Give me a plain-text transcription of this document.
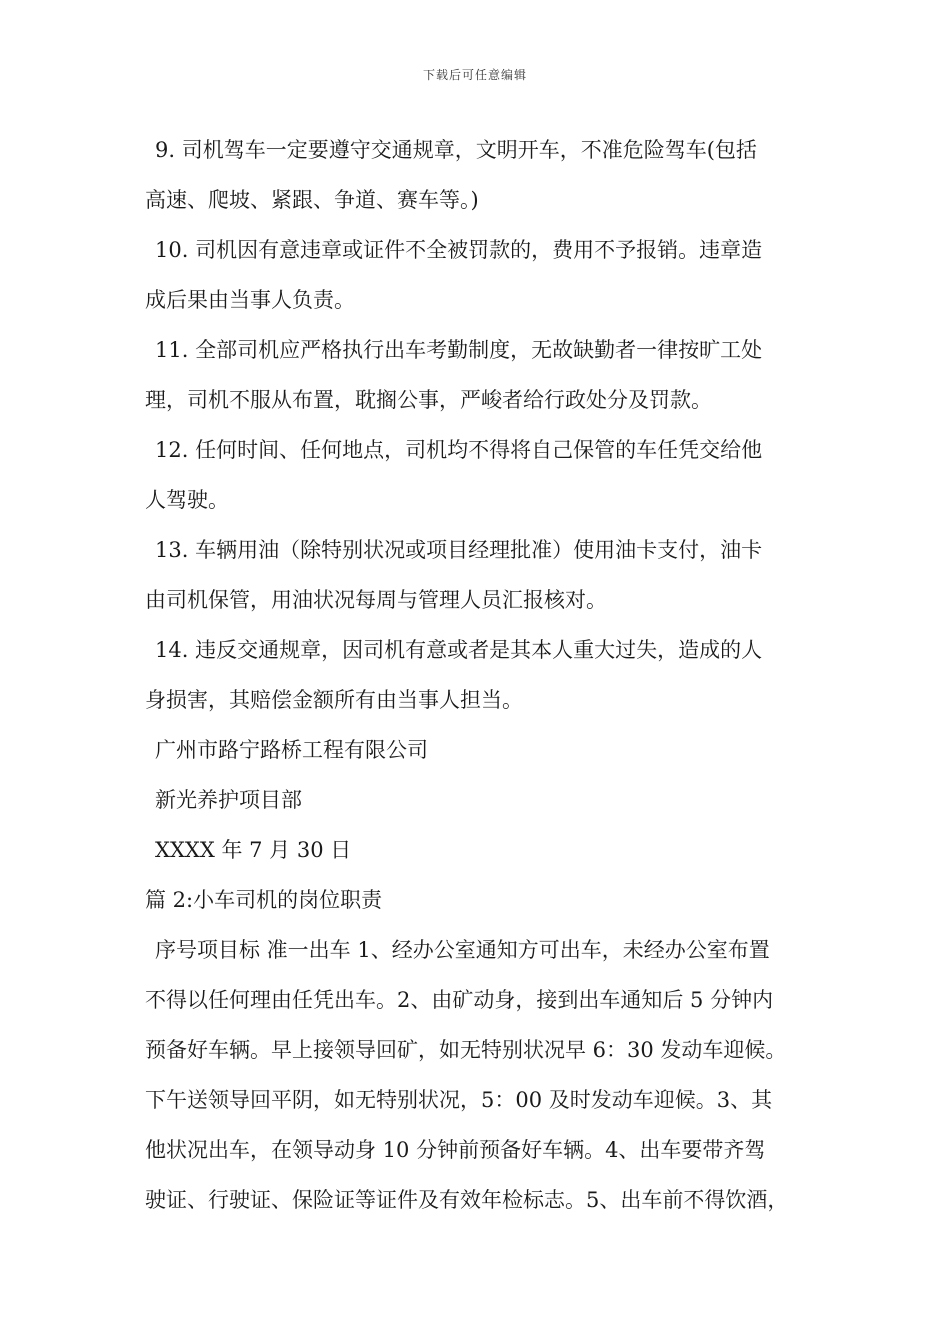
下载后可任意编辑

9. 司机驾车一定要遵守交通规章，文明开车，不准危险驾车(包括

高速、爬坡、紧跟、争道、赛车等。)

10. 司机因有意违章或证件不全被罚款的，费用不予报销。违章造

成后果由当事人负责。

11. 全部司机应严格执行出车考勤制度，无故缺勤者一律按旷工处

理，司机不服从布置，耽搁公事，严峻者给行政处分及罚款。

12. 任何时间、任何地点，司机均不得将自己保管的车任凭交给他

人驾驶。

13. 车辆用油（除特别状况或项目经理批准）使用油卡支付，油卡

由司机保管，用油状况每周与管理人员汇报核对。

14. 违反交通规章，因司机有意或者是其本人重大过失，造成的人

身损害，其赔偿金额所有由当事人担当。

广州市路宁路桥工程有限公司

新光养护项目部

XXXX 年 7 月 30 日

篇 2:小车司机的岗位职责

序号项目标 准一出车 1、经办公室通知方可出车，未经办公室布置

不得以任何理由任凭出车。2、由矿动身，接到出车通知后 5 分钟内

预备好车辆。早上接领导回矿，如无特别状况早 6：30 发动车迎候。

下午送领导回平阴，如无特别状况，5：00 及时发动车迎候。3、其

他状况出车，在领导动身 10 分钟前预备好车辆。4、出车要带齐驾

驶证、行驶证、保险证等证件及有效年检标志。5、出车前不得饮酒，
